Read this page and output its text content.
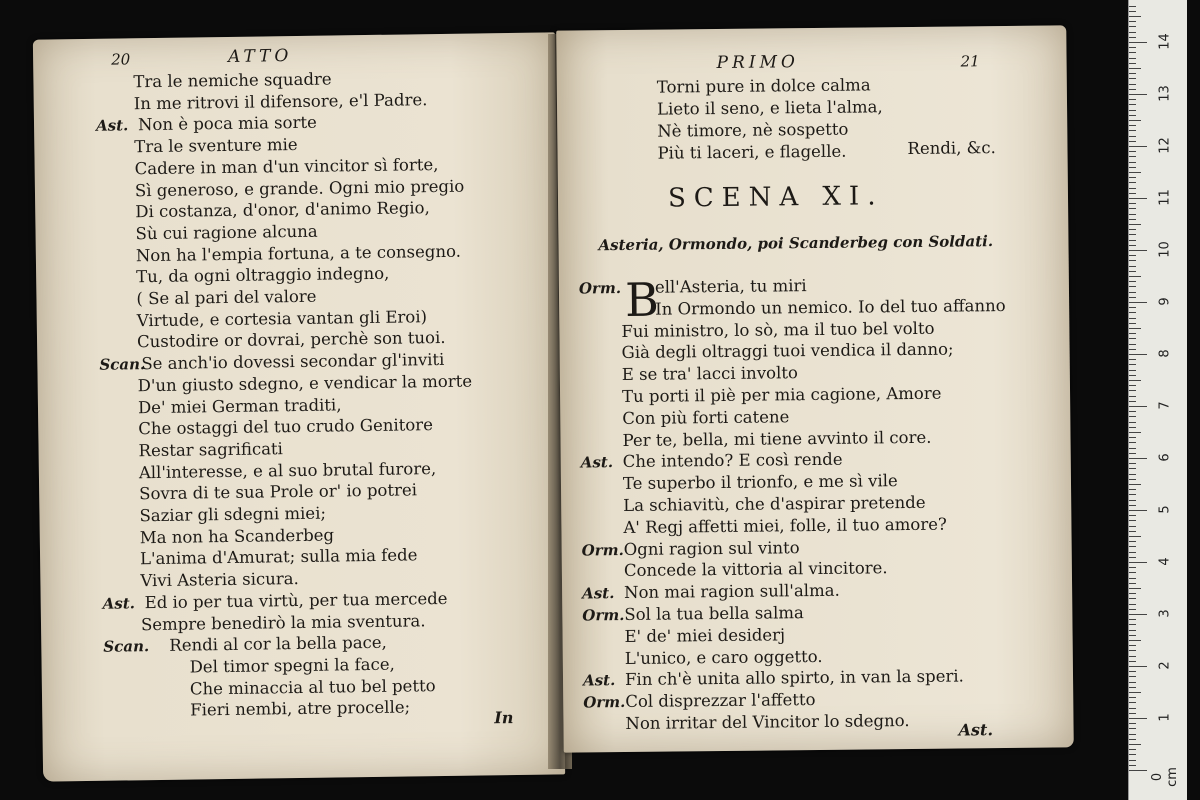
20	ATTO
Tra le nemiche squadre
In me ritrovi il difensore, e'l Padre.
Ast. Non è poca mia sorte
Tra le sventure mie
Cadere in man d'un vincitor sì forte,
Sì generoso, e grande. Ogni mio pregio
Di costanza, d'onor, d'animo Regio,
Sù cui ragione alcuna
Non ha l'empia fortuna, a te consegno.
Tu, da ogni oltraggio indegno,
( Se al pari del valore
Virtude, e cortesia vantan gli Eroi)
Custodire or dovrai, perchè son tuoi.
Scan.
Se anch'io dovessi secondar gl'inviti
D'un giusto sdegno, e vendicar la morte
De' miei German traditi,
Che ostaggi del tuo crudo Genitore
Restar sagrificati
All'interesse, e al suo brutal furore,
Sovra di te sua Prole or' io potrei
Saziar gli sdegni miei;
Ma non ha Scanderbeg
L'anima d'Amurat; sulla mia fede
Vivi Asteria sicura.
Ast. Ed io per tua virtù, per tua mercede
Sempre benedirò la mia sventura.
Scan. Rendi al cor la bella pace,
Del timor spegni la face,
Che minaccia al tuo bel petto
Fieri nembi, atre procelle;	In
PRIMO	21
Torni pure in dolce calma
Lieto il seno, e lieta l'alma,
Nè timore, nè sospetto
Più ti laceri, e flagelle.	Rendi, &c.
SCENA XI.
Asteria, Ormondo, poi Scanderbeg con Soldati.
B
Orm. ell'Asteria, tu miri
In Ormondo un nemico. Io del tuo affanno
Fui ministro, lo sò, ma il tuo bel volto
Già degli oltraggi tuoi vendica il danno;
E se tra' lacci involto
Tu porti il piè per mia cagione, Amore
Con più forti catene
Per te, bella, mi tiene avvinto il core.
Ast. Che intendo? E così rende
Te superbo il trionfo, e me sì vile
La schiavitù, che d'aspirar pretende
A' Regj affetti miei, folle, il tuo amore?
Orm. Ogni ragion sul vinto
Concede la vittoria al vincitore.
Ast. Non mai ragion sull'alma.
Orm. Sol la tua bella salma
E' de' miei desiderj
L'unico, e caro oggetto.
Ast. Fin ch'è unita allo spirto, in van la speri.
Orm. Col disprezzar l'affetto
Non irritar del Vincitor lo sdegno.	Ast.
0 cm
1
2
3
4
5
6
7
8
9
10
11
12
13
14
